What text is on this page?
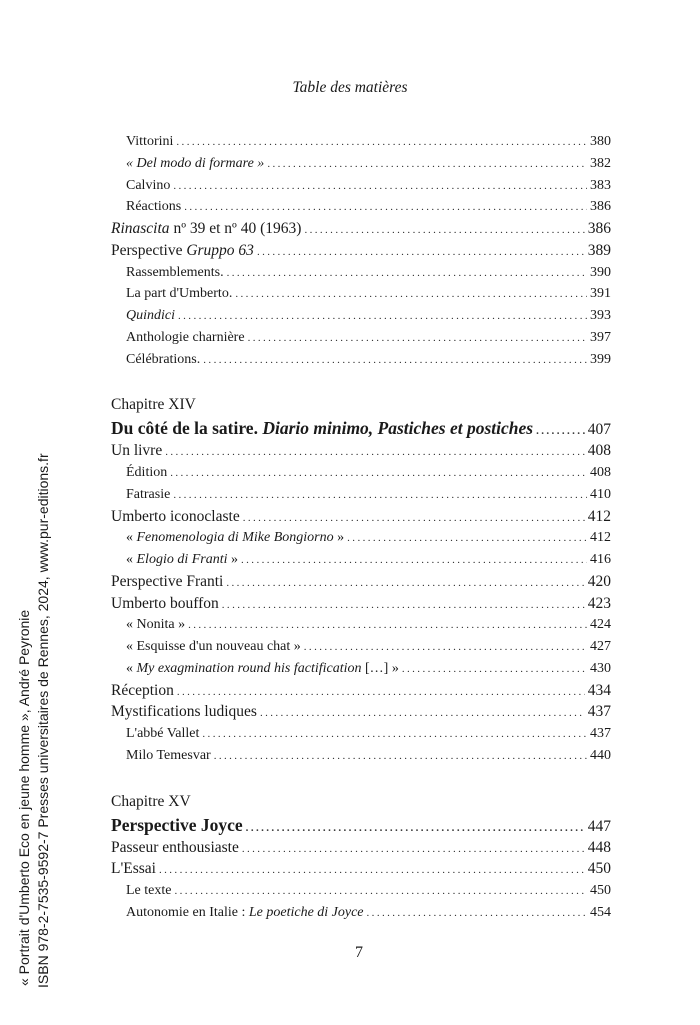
Table des matières
Vittorini .....	380
« Del modo di formare » .....	382
Calvino .....	383
Réactions .....	386
Rinascita nº 39 et nº 40 (1963) .....	386
Perspective Gruppo 63 .....	389
Rassemblements. .....	390
La part d'Umberto. .....	391
Quindici .....	393
Anthologie charnière .....	397
Célébrations. .....	399
Chapitre XIV
Du côté de la satire. Diario minimo, Pastiches et postiches .....	407
Un livre .....	408
Édition .....	408
Fatrasie .....	410
Umberto iconoclaste .....	412
« Fenomenologia di Mike Bongiorno » .....	412
« Elogio di Franti » .....	416
Perspective Franti .....	420
Umberto bouffon .....	423
« Nonita » .....	424
« Esquisse d'un nouveau chat » .....	427
« My exagmination round his factification […] » .....	430
Réception .....	434
Mystifications ludiques .....	437
L'abbé Vallet .....	437
Milo Temesvar .....	440
Chapitre XV
Perspective Joyce .....	447
Passeur enthousiaste .....	448
L'Essai .....	450
Le texte .....	450
Autonomie en Italie : Le poetiche di Joyce .....	454
« Portrait d'Umberto Eco en jeune homme », André Peyronie ISBN 978-2-7535-9592-7 Presses universitaires de Rennes, 2024, www.pur-editions.fr	7
